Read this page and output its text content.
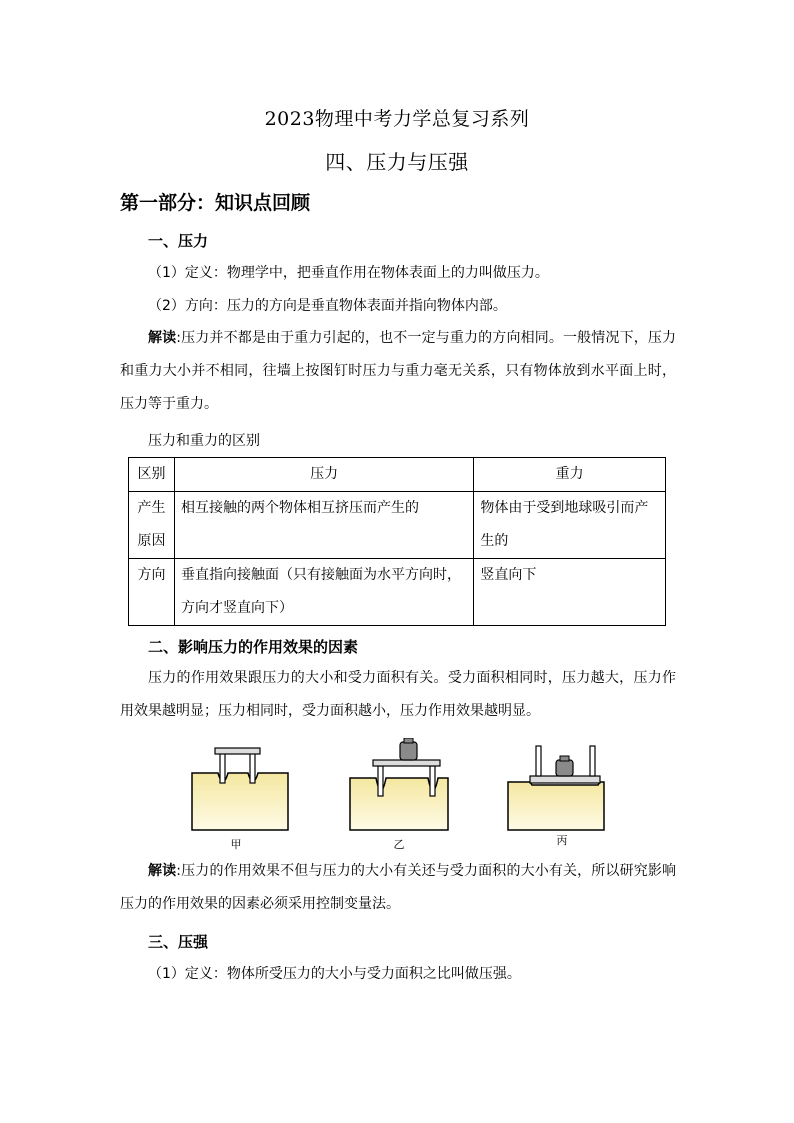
2023物理中考力学总复习系列
四、压力与压强
第一部分：知识点回顾
一、压力
（1）定义：物理学中，把垂直作用在物体表面上的力叫做压力。
（2）方向：压力的方向是垂直物体表面并指向物体内部。
解读:压力并不都是由于重力引起的，也不一定与重力的方向相同。一般情况下，压力和重力大小并不相同，往墙上按图钉时压力与重力毫无关系，只有物体放到水平面上时，压力等于重力。
压力和重力的区别
区别	压力	重力
产生原因	相互接触的两个物体相互挤压而产生的	物体由于受到地球吸引而产生的
方向	垂直指向接触面（只有接触面为水平方向时，方向才竖直向下）	竖直向下
二、影响压力的作用效果的因素
压力的作用效果跟压力的大小和受力面积有关。受力面积相同时，压力越大，压力作用效果越明显；压力相同时，受力面积越小，压力作用效果越明显。
甲	乙	丙
解读:压力的作用效果不但与压力的大小有关还与受力面积的大小有关，所以研究影响压力的作用效果的因素必须采用控制变量法。
三、压强
（1）定义：物体所受压力的大小与受力面积之比叫做压强。
